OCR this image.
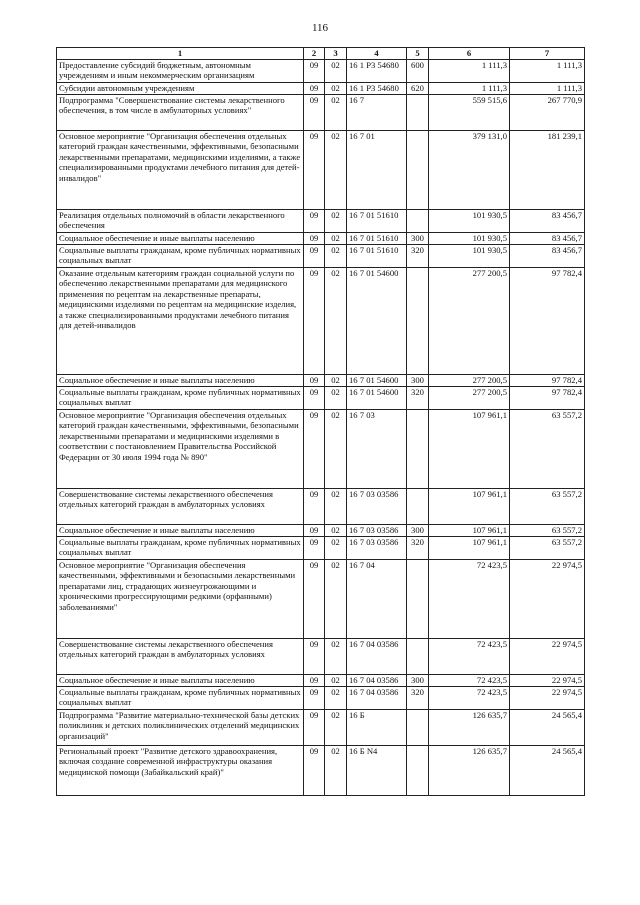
116
1	2	3	4	5	6	7
Предоставление субсидий бюджетным, автономным учреждениям и иным некоммерческим организациям	09	02	16 1 Р3 54680	600	1 111,3	1 111,3
Субсидии автономным учреждениям	09	02	16 1 Р3 54680	620	1 111,3	1 111,3
Подпрограмма "Совершенствование системы лекарственного обеспечения, в том числе в амбулаторных условиях"	09	02	16 7		559 515,6	267 770,9
Основное мероприятие "Организация обеспечения отдельных категорий граждан качественными, эффективными, безопасными лекарственными препаратами, медицинскими изделиями, а также специализированными продуктами лечебного питания для детей-инвалидов"	09	02	16 7 01		379 131,0	181 239,1
Реализация отдельных полномочий в области лекарственного обеспечения	09	02	16 7 01 51610		101 930,5	83 456,7
Социальное обеспечение и иные выплаты населению	09	02	16 7 01 51610	300	101 930,5	83 456,7
Социальные выплаты гражданам, кроме публичных нормативных социальных выплат	09	02	16 7 01 51610	320	101 930,5	83 456,7
Оказание отдельным категориям граждан социальной услуги по обеспечению лекарственными препаратами для медицинского применения по рецептам на лекарственные препараты, медицинскими изделиями по рецептам на медицинские изделия, а также специализированными продуктами лечебного питания для детей-инвалидов	09	02	16 7 01 54600		277 200,5	97 782,4
Социальное обеспечение и иные выплаты населению	09	02	16 7 01 54600	300	277 200,5	97 782,4
Социальные выплаты гражданам, кроме публичных нормативных социальных выплат	09	02	16 7 01 54600	320	277 200,5	97 782,4
Основное мероприятие "Организация обеспечения отдельных категорий граждан качественными, эффективными, безопасными лекарственными препаратами и медицинскими изделиями в соответствии с постановлением Правительства Российской Федерации от 30 июля 1994 года № 890"	09	02	16 7 03		107 961,1	63 557,2
Совершенствование системы лекарственного обеспечения отдельных категорий граждан в амбулаторных условиях	09	02	16 7 03 03586		107 961,1	63 557,2
Социальное обеспечение и иные выплаты населению	09	02	16 7 03 03586	300	107 961,1	63 557,2
Социальные выплаты гражданам, кроме публичных нормативных социальных выплат	09	02	16 7 03 03586	320	107 961,1	63 557,2
Основное мероприятие "Организация обеспечения качественными, эффективными и безопасными лекарственными препаратами лиц, страдающих жизнеугрожающими и хроническими прогрессирующими редкими (орфанными) заболеваниями"	09	02	16 7 04		72 423,5	22 974,5
Совершенствование системы лекарственного обеспечения отдельных категорий граждан в амбулаторных условиях	09	02	16 7 04 03586		72 423,5	22 974,5
Социальное обеспечение и иные выплаты населению	09	02	16 7 04 03586	300	72 423,5	22 974,5
Социальные выплаты гражданам, кроме публичных нормативных социальных выплат	09	02	16 7 04 03586	320	72 423,5	22 974,5
Подпрограмма "Развитие материально-технической базы детских поликлиник и детских поликлинических отделений медицинских организаций"	09	02	16 Б		126 635,7	24 565,4
Региональный проект "Развитие детского здравоохранения, включая создание современной инфраструктуры оказания медицинской помощи (Забайкальский край)"	09	02	16 Б N4		126 635,7	24 565,4
